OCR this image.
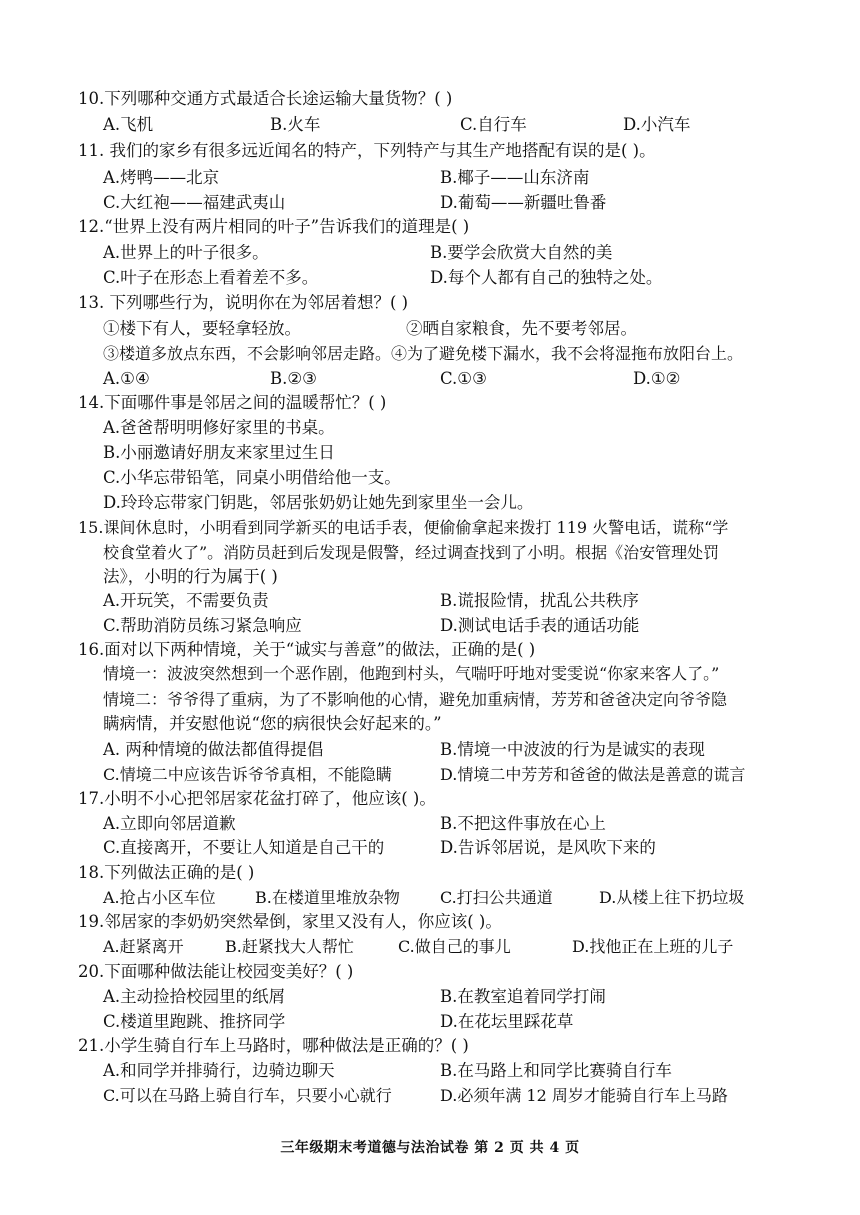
10.下列哪种交通方式最适合长途运输大量货物？( )
A.飞机	B.火车	C.自行车	D.小汽车
11. 我们的家乡有很多远近闻名的特产，下列特产与其生产地搭配有误的是( )。
A.烤鸭——北京	B.椰子——山东济南
C.大红袍——福建武夷山	D.葡萄——新疆吐鲁番
12.“世界上没有两片相同的叶子”告诉我们的道理是( )
A.世界上的叶子很多。	B.要学会欣赏大自然的美
C.叶子在形态上看着差不多。	D.每个人都有自己的独特之处。
13. 下列哪些行为，说明你在为邻居着想？( )
①楼下有人，要轻拿轻放。	②晒自家粮食，先不要考邻居。
③楼道多放点东西，不会影响邻居走路。④为了避免楼下漏水，我不会将湿拖布放阳台上。
A.①④	B.②③	C.①③	D.①②
14.下面哪件事是邻居之间的温暖帮忙？( )
A.爸爸帮明明修好家里的书桌。
B.小丽邀请好朋友来家里过生日
C.小华忘带铅笔，同桌小明借给他一支。
D.玲玲忘带家门钥匙，邻居张奶奶让她先到家里坐一会儿。
15.课间休息时，小明看到同学新买的电话手表，便偷偷拿起来拨打 119 火警电话，谎称“学
校食堂着火了”。消防员赶到后发现是假警，经过调查找到了小明。根据《治安管理处罚
法》，小明的行为属于( )
A.开玩笑，不需要负责	B.谎报险情，扰乱公共秩序
C.帮助消防员练习紧急响应	D.测试电话手表的通话功能
16.面对以下两种情境，关于“诚实与善意”的做法，正确的是( )
情境一：波波突然想到一个恶作剧，他跑到村头，气喘吁吁地对雯雯说“你家来客人了。”
情境二：爷爷得了重病，为了不影响他的心情，避免加重病情，芳芳和爸爸决定向爷爷隐
瞒病情，并安慰他说“您的病很快会好起来的。”
A. 两种情境的做法都值得提倡	B.情境一中波波的行为是诚实的表现
C.情境二中应该告诉爷爷真相，不能隐瞒	D.情境二中芳芳和爸爸的做法是善意的谎言
17.小明不小心把邻居家花盆打碎了，他应该( )。
A.立即向邻居道歉	B.不把这件事放在心上
C.直接离开，不要让人知道是自己干的	D.告诉邻居说，是风吹下来的
18.下列做法正确的是( )
A.抢占小区车位 B.在楼道里堆放杂物	C.打扫公共通道	D.从楼上往下扔垃圾
19.邻居家的李奶奶突然晕倒，家里又没有人，你应该( )。
A.赶紧离开	B.赶紧找大人帮忙	C.做自己的事儿	D.找他正在上班的儿子
20.下面哪种做法能让校园变美好？( )
A.主动捡拾校园里的纸屑	B.在教室追着同学打闹
C.楼道里跑跳、推挤同学	D.在花坛里踩花草
21.小学生骑自行车上马路时，哪种做法是正确的？( )
A.和同学并排骑行，边骑边聊天	B.在马路上和同学比赛骑自行车
C.可以在马路上骑自行车，只要小心就行	D.必须年满 12 周岁才能骑自行车上马路
三年级期末考道德与法治试卷 第 2 页 共 4 页
